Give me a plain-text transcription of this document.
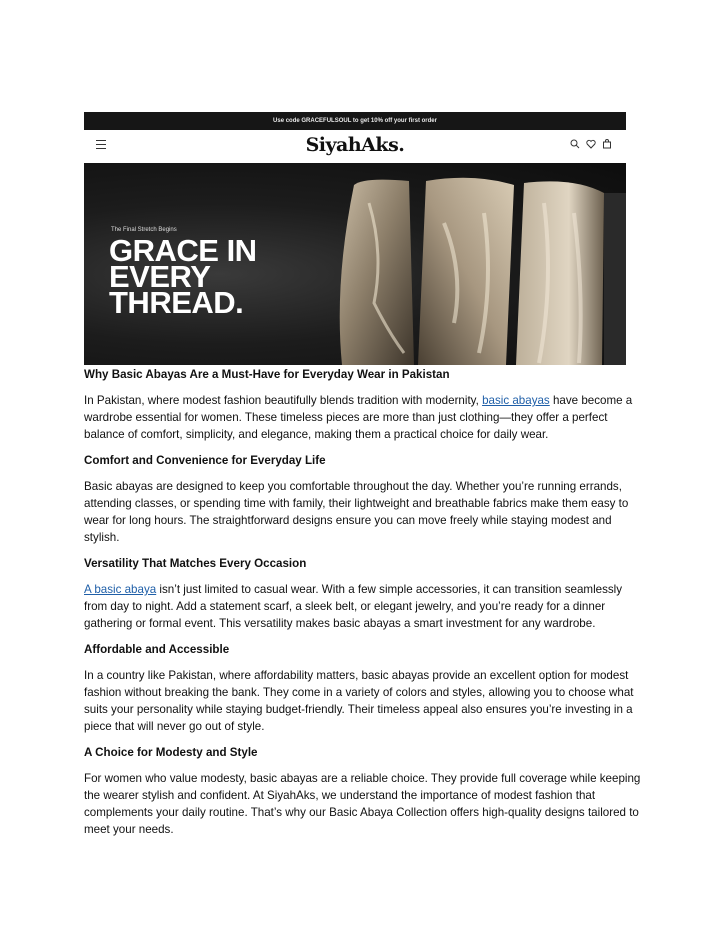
Use code GRACEFULSOUL to get 10% off your first order
SiyahAks.
The Final Stretch Begins
GRACE IN EVERY THREAD.
Why Basic Abayas Are a Must-Have for Everyday Wear in Pakistan

In Pakistan, where modest fashion beautifully blends tradition with modernity, basic abayas have become a wardrobe essential for women. These timeless pieces are more than just clothing—they offer a perfect balance of comfort, simplicity, and elegance, making them a practical choice for daily wear.

Comfort and Convenience for Everyday Life

Basic abayas are designed to keep you comfortable throughout the day. Whether you’re running errands, attending classes, or spending time with family, their lightweight and breathable fabrics make them easy to wear for long hours. The straightforward designs ensure you can move freely while staying modest and stylish.

Versatility That Matches Every Occasion

A basic abaya isn’t just limited to casual wear. With a few simple accessories, it can transition seamlessly from day to night. Add a statement scarf, a sleek belt, or elegant jewelry, and you’re ready for a dinner gathering or formal event. This versatility makes basic abayas a smart investment for any wardrobe.

Affordable and Accessible

In a country like Pakistan, where affordability matters, basic abayas provide an excellent option for modest fashion without breaking the bank. They come in a variety of colors and styles, allowing you to choose what suits your personality while staying budget-friendly. Their timeless appeal also ensures you’re investing in a piece that will never go out of style.

A Choice for Modesty and Style

For women who value modesty, basic abayas are a reliable choice. They provide full coverage while keeping the wearer stylish and confident. At SiyahAks, we understand the importance of modest fashion that complements your daily routine. That’s why our Basic Abaya Collection offers high-quality designs tailored to meet your needs.
